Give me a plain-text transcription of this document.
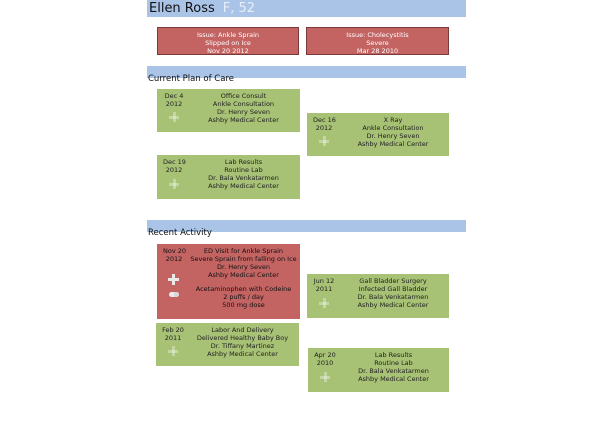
Ellen Ross F, 52
Issue: Ankle Sprain
Slipped on Ice
Nov 20 2012
Issue: Cholecystitis
Severe
Mar 28 2010
Current Plan of Care
Dec 4
2012
Office Consult
Ankle Consultation
Dr. Henry Seven
Ashby Medical Center	Dec 16
2012
X Ray
Ankle Consultation
Dr. Henry Seven
Ashby Medical Center
Dec 19
2012
Lab Results
Routine Lab
Dr. Bala Venkatarmen
Ashby Medical Center
Recent Activity
Nov 20
2012
ED Visit for Ankle Sprain
Severe Sprain from falling on Ice
Dr. Henry Seven
Ashby Medical Center
Acetaminophen with Codeine
2 puffs / day
500 mg dose
Jun 12
2011
Gall Bladder Surgery
Infected Gall Bladder
Dr. Bala Venkatarmen
Ashby Medical Center
Feb 20
2011
Labor And Delivery
Delivered Healthy Baby Boy
Dr. Tiffany Martinez
Ashby Medical Center	Apr 20
2010
Lab Results
Routine Lab
Dr. Bala Venkatarmen
Ashby Medical Center
